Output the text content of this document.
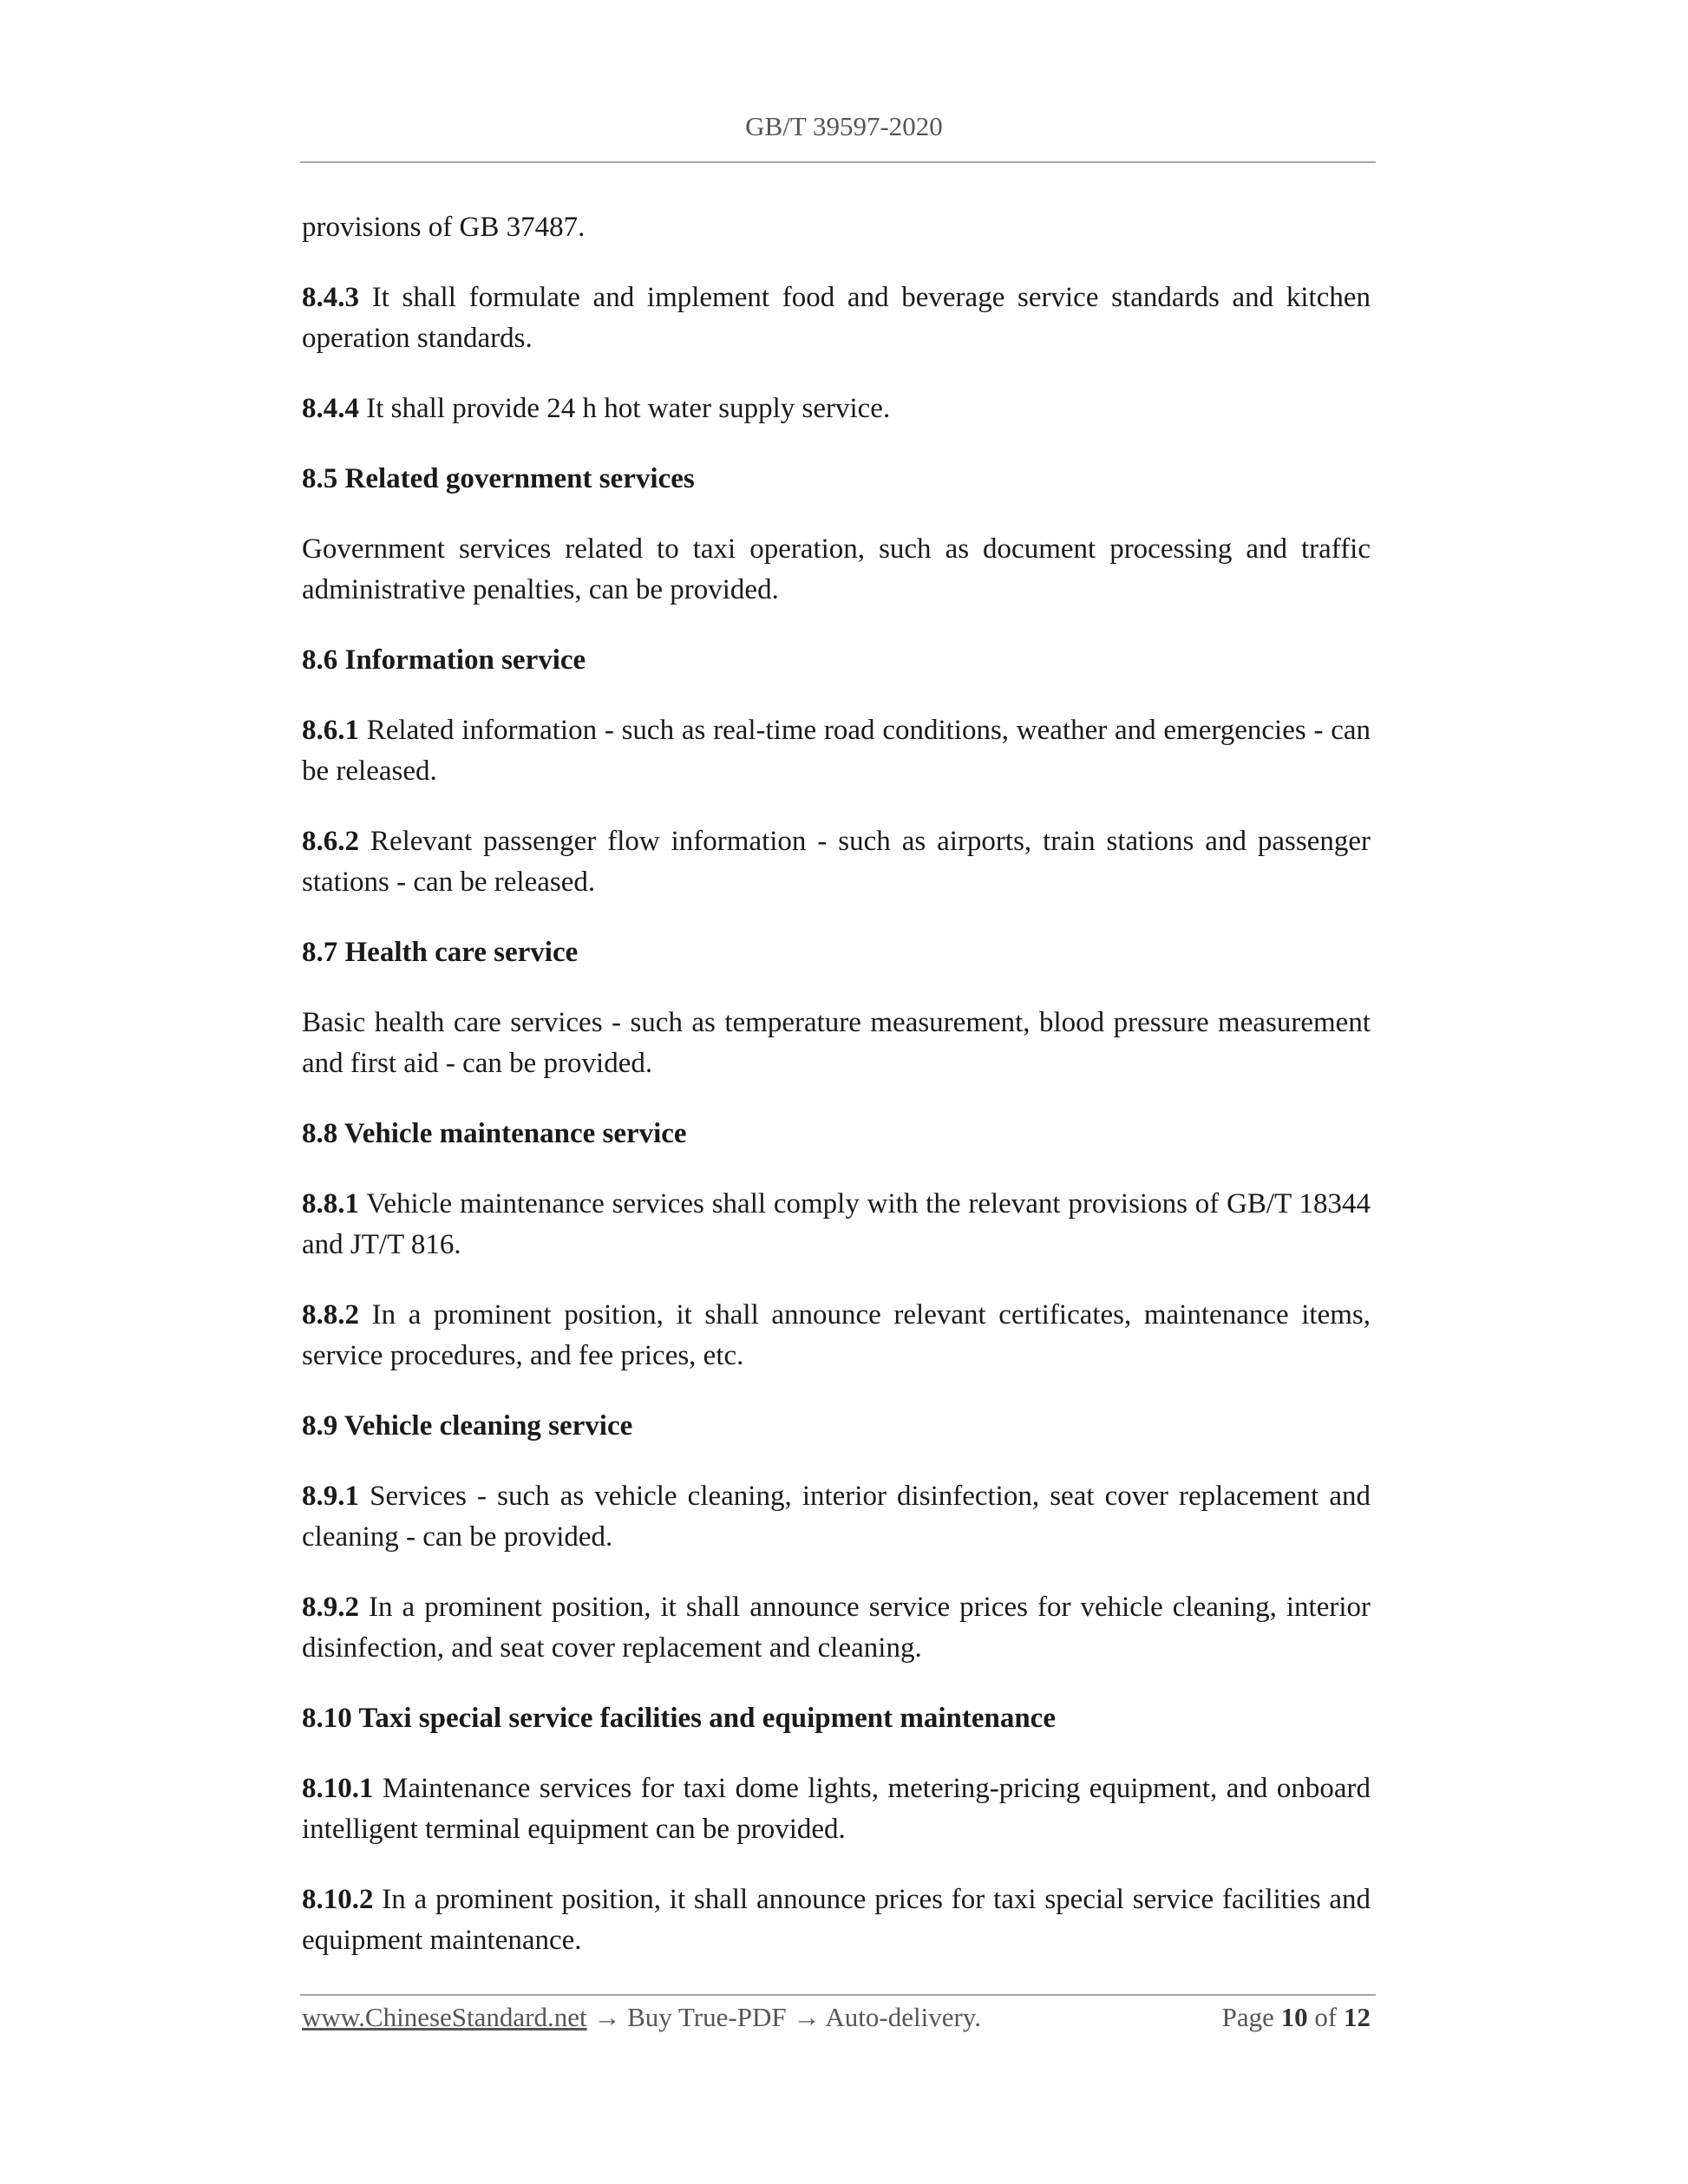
GB/T 39597-2020

provisions of GB 37487.

8.4.3 It shall formulate and implement food and beverage service standards and kitchen operation standards.

8.4.4 It shall provide 24 h hot water supply service.

8.5 Related government services

Government services related to taxi operation, such as document processing and traffic administrative penalties, can be provided.

8.6 Information service

8.6.1 Related information - such as real-time road conditions, weather and emergencies - can be released.

8.6.2 Relevant passenger flow information - such as airports, train stations and passenger stations - can be released.

8.7 Health care service

Basic health care services - such as temperature measurement, blood pressure measurement and first aid - can be provided.

8.8 Vehicle maintenance service

8.8.1 Vehicle maintenance services shall comply with the relevant provisions of GB/T 18344 and JT/T 816.

8.8.2 In a prominent position, it shall announce relevant certificates, maintenance items, service procedures, and fee prices, etc.

8.9 Vehicle cleaning service

8.9.1 Services - such as vehicle cleaning, interior disinfection, seat cover replacement and cleaning - can be provided.

8.9.2 In a prominent position, it shall announce service prices for vehicle cleaning, interior disinfection, and seat cover replacement and cleaning.

8.10 Taxi special service facilities and equipment maintenance

8.10.1 Maintenance services for taxi dome lights, metering-pricing equipment, and onboard intelligent terminal equipment can be provided.

8.10.2 In a prominent position, it shall announce prices for taxi special service facilities and equipment maintenance.

www.ChineseStandard.net → Buy True-PDF → Auto-delivery.	Page 10 of 12
